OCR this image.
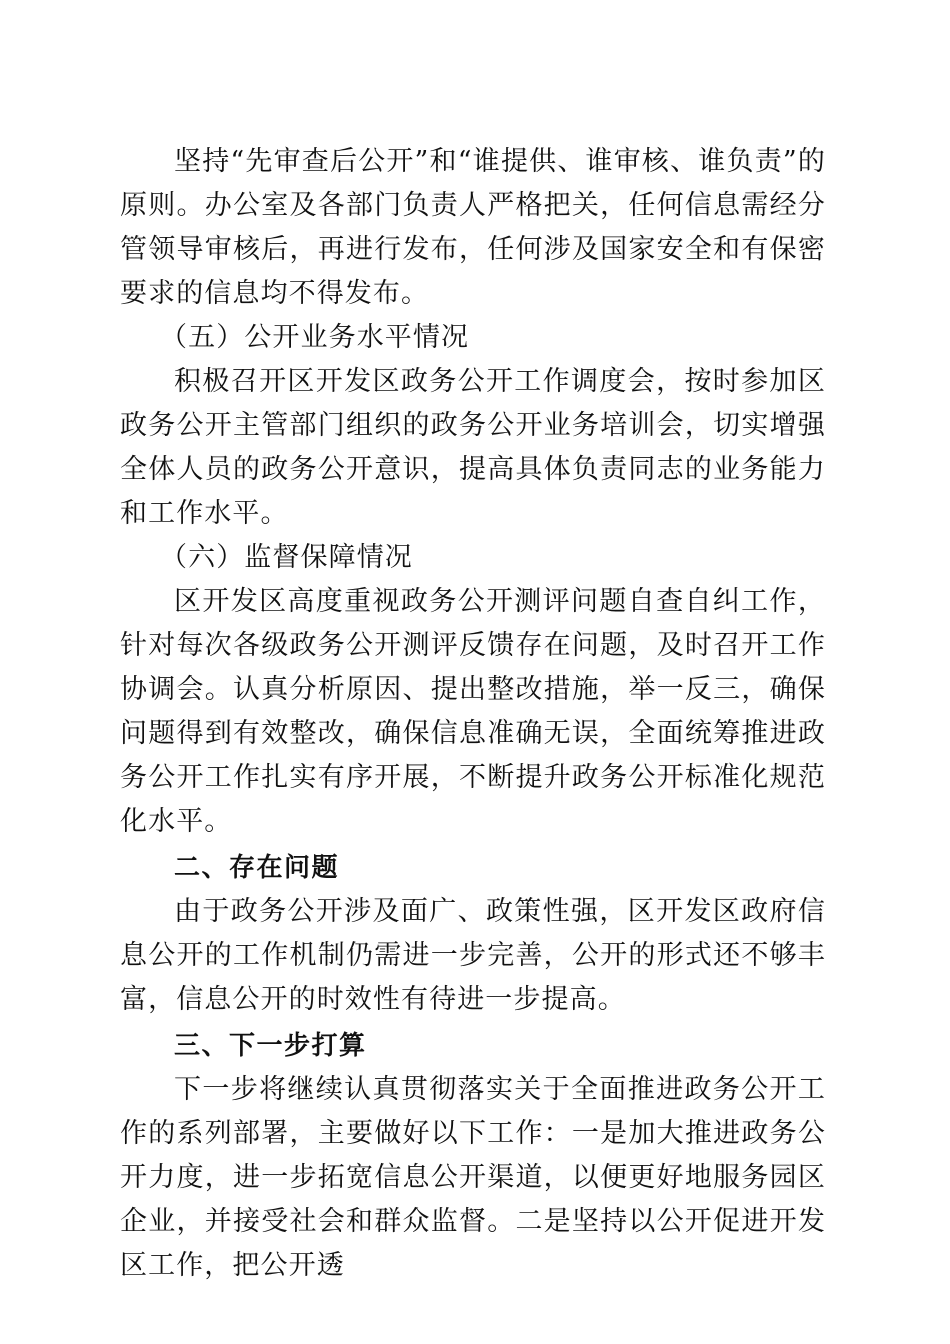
坚持“先审查后公开”和“谁提供、谁审核、谁负责”的原则。办公室及各部门负责人严格把关，任何信息需经分管领导审核后，再进行发布，任何涉及国家安全和有保密要求的信息均不得发布。

（五）公开业务水平情况

积极召开区开发区政务公开工作调度会，按时参加区政务公开主管部门组织的政务公开业务培训会，切实增强全体人员的政务公开意识，提高具体负责同志的业务能力和工作水平。

（六）监督保障情况

区开发区高度重视政务公开测评问题自查自纠工作，针对每次各级政务公开测评反馈存在问题，及时召开工作协调会。认真分析原因、提出整改措施，举一反三，确保问题得到有效整改，确保信息准确无误，全面统筹推进政务公开工作扎实有序开展，不断提升政务公开标准化规范化水平。

二、存在问题

由于政务公开涉及面广、政策性强，区开发区政府信息公开的工作机制仍需进一步完善，公开的形式还不够丰富，信息公开的时效性有待进一步提高。

三、下一步打算

下一步将继续认真贯彻落实关于全面推进政务公开工作的系列部署，主要做好以下工作：一是加大推进政务公开力度，进一步拓宽信息公开渠道，以便更好地服务园区企业，并接受社会和群众监督。二是坚持以公开促进开发区工作，把公开透
